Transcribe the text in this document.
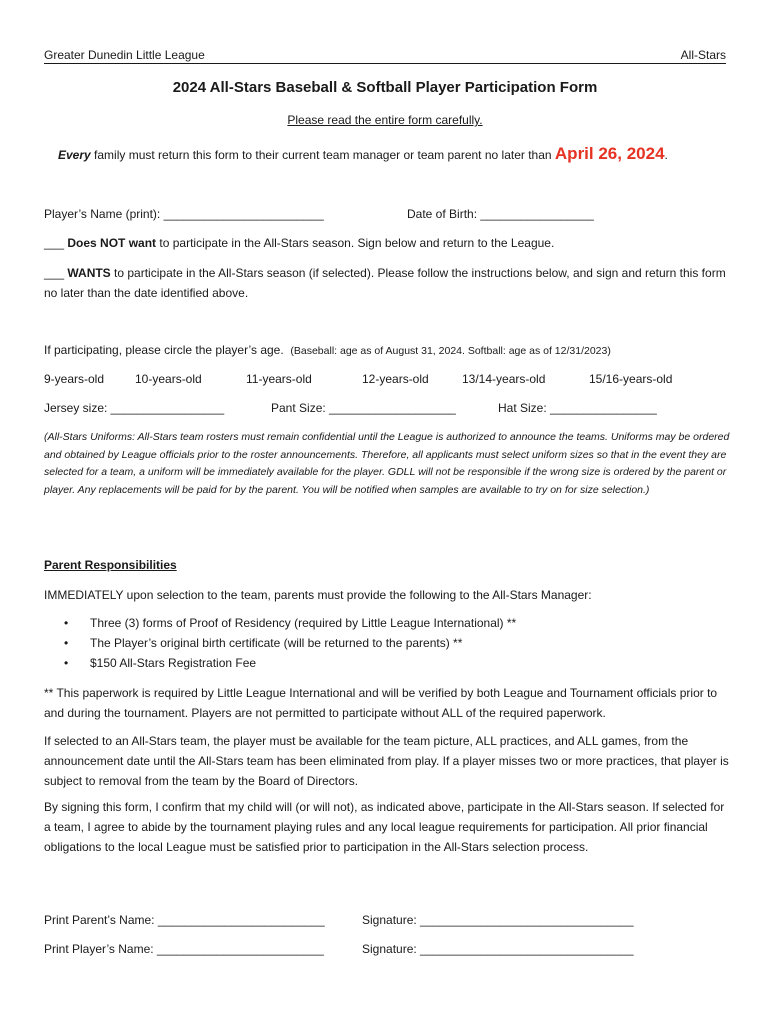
Greater Dunedin Little League	All-Stars
2024 All-Stars Baseball & Softball Player Participation Form
Please read the entire form carefully.
Every family must return this form to their current team manager or team parent no later than April 26, 2024.
Player’s Name (print): ________________________	Date of Birth: _________________
___ Does NOT want to participate in the All-Stars season. Sign below and return to the League.
___ WANTS to participate in the All-Stars season (if selected). Please follow the instructions below, and sign and return this form no later than the date identified above.
If participating, please circle the player’s age. (Baseball: age as of August 31, 2024. Softball: age as of 12/31/2023)
9-years-old	10-years-old	11-years-old	12-years-old	13/14-years-old	15/16-years-old
Jersey size: _________________	Pant Size: ___________________	Hat Size: ________________
(All-Stars Uniforms: All-Stars team rosters must remain confidential until the League is authorized to announce the teams. Uniforms may be ordered and obtained by League officials prior to the roster announcements. Therefore, all applicants must select uniform sizes so that in the event they are selected for a team, a uniform will be immediately available for the player. GDLL will not be responsible if the wrong size is ordered by the parent or player. Any replacements will be paid for by the parent. You will be notified when samples are available to try on for size selection.)
Parent Responsibilities
IMMEDIATELY upon selection to the team, parents must provide the following to the All-Stars Manager:
• Three (3) forms of Proof of Residency (required by Little League International) **
• The Player’s original birth certificate (will be returned to the parents) **
• $150 All-Stars Registration Fee
** This paperwork is required by Little League International and will be verified by both League and Tournament officials prior to and during the tournament. Players are not permitted to participate without ALL of the required paperwork.
If selected to an All-Stars team, the player must be available for the team picture, ALL practices, and ALL games, from the announcement date until the All-Stars team has been eliminated from play. If a player misses two or more practices, that player is subject to removal from the team by the Board of Directors.
By signing this form, I confirm that my child will (or will not), as indicated above, participate in the All-Stars season. If selected for a team, I agree to abide by the tournament playing rules and any local league requirements for participation. All prior financial obligations to the local League must be satisfied prior to participation in the All-Stars selection process.
Print Parent’s Name: _________________________	Signature: ________________________________
Print Player’s Name: _________________________	Signature: ________________________________
